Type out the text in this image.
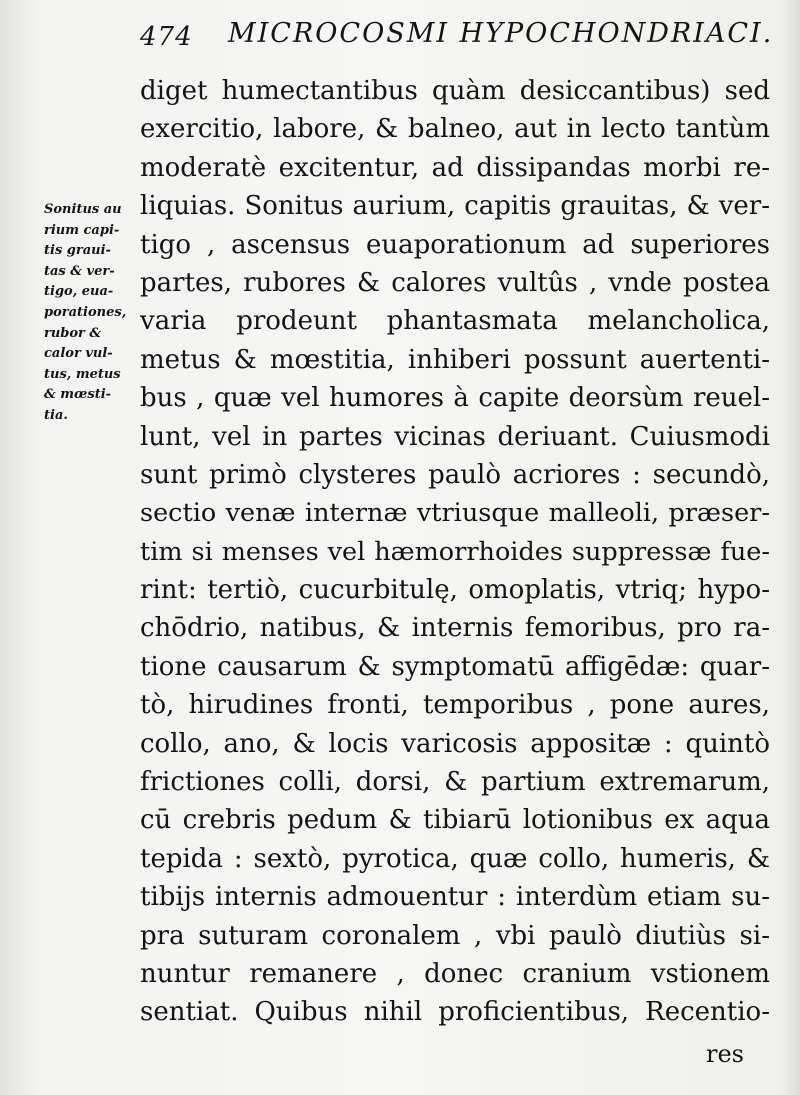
474 MICROCOSMI HYPOCHONDRIACI.
Sonitus au
rium capi-
tis graui-
tas & ver-
tigo, eua-
porationes,
rubor &
calor vul-
tus, metus
& mœsti-
tia.
diget humectantibus quàm desiccantibus) sed
exercitio, labore, & balneo, aut in lecto tantùm
moderatè excitentur, ad dissipandas morbi re-
liquias. Sonitus aurium, capitis grauitas, & ver-
tigo , ascensus euaporationum ad superiores
partes, rubores & calores vultûs , vnde postea
varia prodeunt phantasmata melancholica,
metus & mœstitia, inhiberi possunt auertenti-
bus , quæ vel humores à capite deorsùm reuel-
lunt, vel in partes vicinas deriuant. Cuiusmodi
sunt primò clysteres paulò acriores : secundò,
sectio venæ internæ vtriusque malleoli, præser-
tim si menses vel hæmorrhoides suppressæ fue-
rint: tertiò, cucurbitulę, omoplatis, vtriq; hypo-
chōdrio, natibus, & internis femoribus, pro ra-
tione causarum & symptomatū affigēdæ: quar-
tò, hirudines fronti, temporibus , pone aures,
collo, ano, & locis varicosis appositæ : quintò
frictiones colli, dorsi, & partium extremarum,
cū crebris pedum & tibiarū lotionibus ex aqua
tepida : sextò, pyrotica, quæ collo, humeris, &
tibijs internis admouentur : interdùm etiam su-
pra suturam coronalem , vbi paulò diutiùs si-
nuntur remanere , donec cranium vstionem
sentiat. Quibus nihil proficientibus, Recentio-
res
